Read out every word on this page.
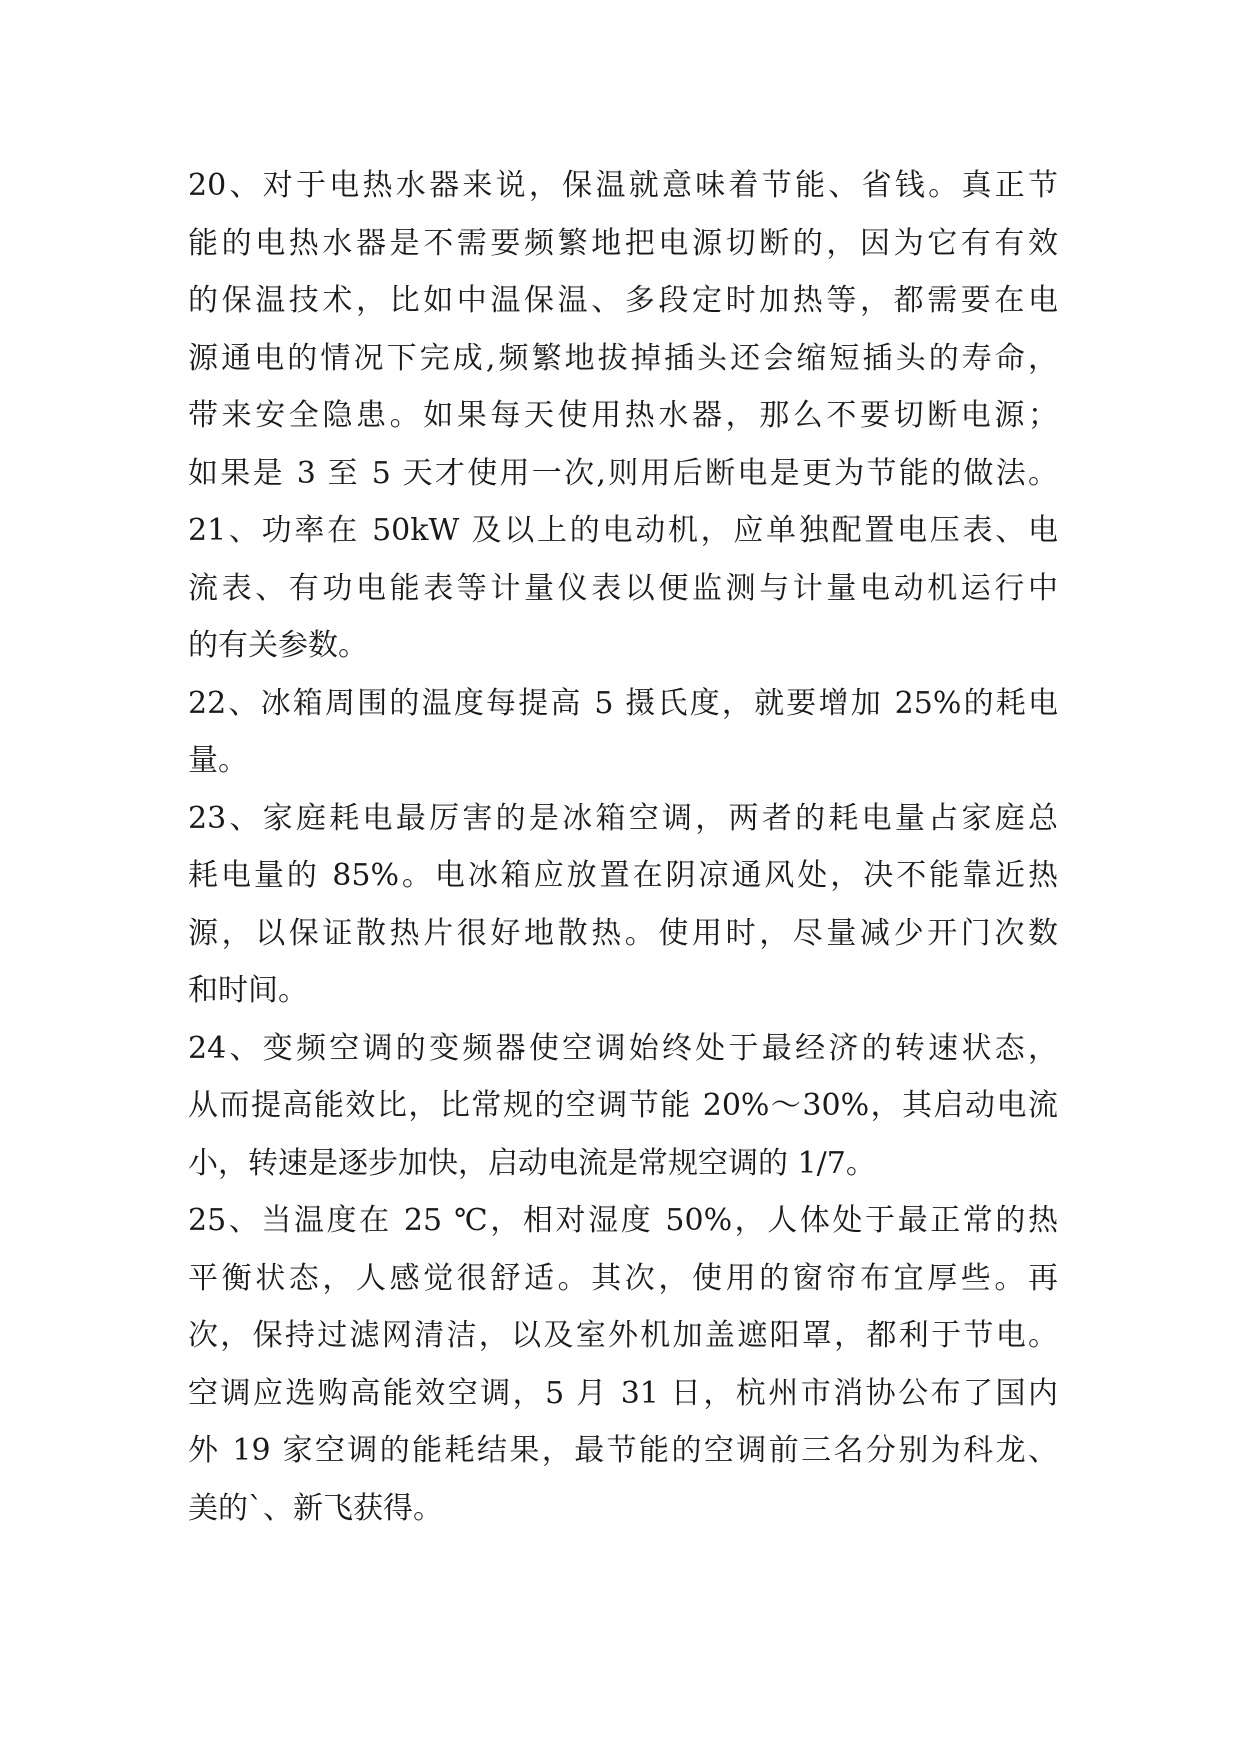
20、对于电热水器来说，保温就意味着节能、省钱。真正节
能的电热水器是不需要频繁地把电源切断的，因为它有有效
的保温技术，比如中温保温、多段定时加热等，都需要在电
源通电的情况下完成,频繁地拔掉插头还会缩短插头的寿命，
带来安全隐患。如果每天使用热水器，那么不要切断电源；
如果是 3 至 5 天才使用一次,则用后断电是更为节能的做法。
21、功率在 50kW 及以上的电动机，应单独配置电压表、电
流表、有功电能表等计量仪表以便监测与计量电动机运行中
的有关参数。
22、冰箱周围的温度每提高 5 摄氏度，就要增加 25%的耗电
量。
23、家庭耗电最厉害的是冰箱空调，两者的耗电量占家庭总
耗电量的 85%。电冰箱应放置在阴凉通风处，决不能靠近热
源，以保证散热片很好地散热。使用时，尽量减少开门次数
和时间。
24、变频空调的变频器使空调始终处于最经济的转速状态，
从而提高能效比，比常规的空调节能 20%～30%，其启动电流
小，转速是逐步加快，启动电流是常规空调的 1/7。
25、当温度在 25 ℃，相对湿度 50%，人体处于最正常的热
平衡状态，人感觉很舒适。其次，使用的窗帘布宜厚些。再
次，保持过滤网清洁，以及室外机加盖遮阳罩，都利于节电。
空调应选购高能效空调，5 月 31 日，杭州市消协公布了国内
外 19 家空调的能耗结果，最节能的空调前三名分别为科龙、
美的`、新飞获得。
